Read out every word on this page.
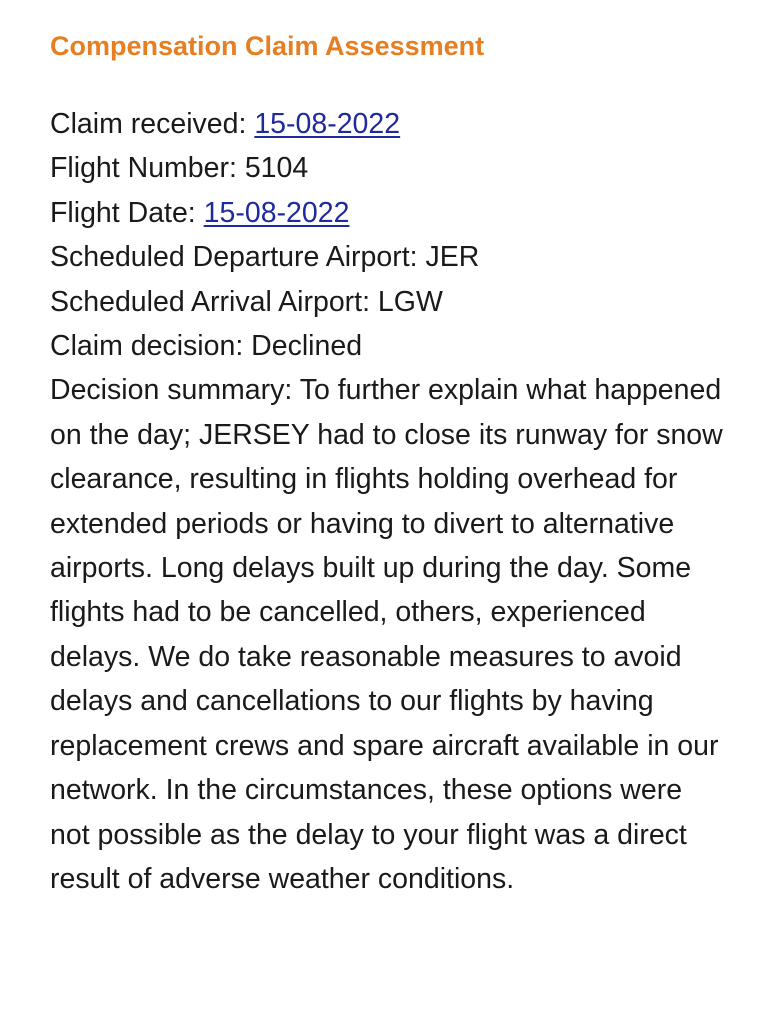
Compensation Claim Assessment
Claim received: 15-08-2022
Flight Number: 5104
Flight Date: 15-08-2022
Scheduled Departure Airport: JER
Scheduled Arrival Airport: LGW
Claim decision: Declined
Decision summary: To further explain what happened on the day; JERSEY had to close its runway for snow clearance, resulting in flights holding overhead for extended periods or having to divert to alternative airports. Long delays built up during the day. Some flights had to be cancelled, others, experienced delays. We do take reasonable measures to avoid delays and cancellations to our flights by having replacement crews and spare aircraft available in our network. In the circumstances, these options were not possible as the delay to your flight was a direct result of adverse weather conditions.
